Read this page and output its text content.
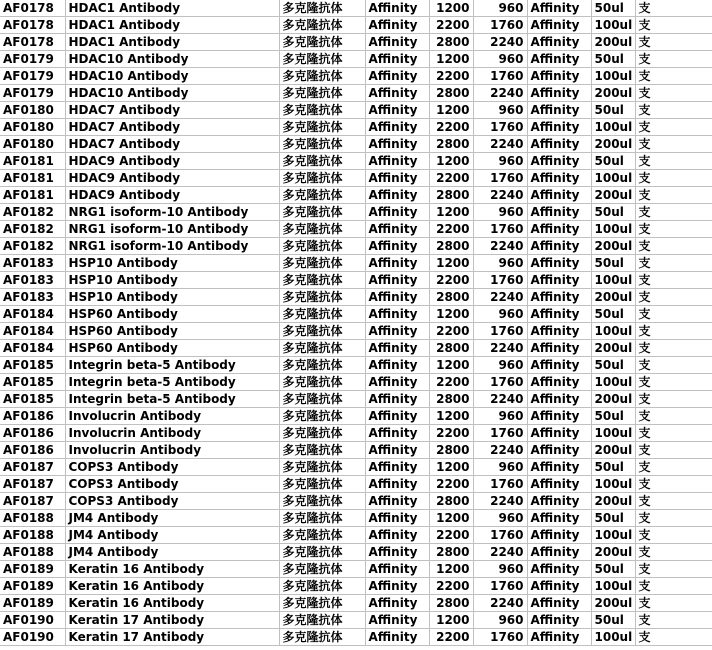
AF0178	HDAC1 Antibody	多克隆抗体	Affinity	1200	960	Affinity	50ul	支
AF0178	HDAC1 Antibody	多克隆抗体	Affinity	2200	1760	Affinity	100ul	支
AF0178	HDAC1 Antibody	多克隆抗体	Affinity	2800	2240	Affinity	200ul	支
AF0179	HDAC10 Antibody	多克隆抗体	Affinity	1200	960	Affinity	50ul	支
AF0179	HDAC10 Antibody	多克隆抗体	Affinity	2200	1760	Affinity	100ul	支
AF0179	HDAC10 Antibody	多克隆抗体	Affinity	2800	2240	Affinity	200ul	支
AF0180	HDAC7 Antibody	多克隆抗体	Affinity	1200	960	Affinity	50ul	支
AF0180	HDAC7 Antibody	多克隆抗体	Affinity	2200	1760	Affinity	100ul	支
AF0180	HDAC7 Antibody	多克隆抗体	Affinity	2800	2240	Affinity	200ul	支
AF0181	HDAC9 Antibody	多克隆抗体	Affinity	1200	960	Affinity	50ul	支
AF0181	HDAC9 Antibody	多克隆抗体	Affinity	2200	1760	Affinity	100ul	支
AF0181	HDAC9 Antibody	多克隆抗体	Affinity	2800	2240	Affinity	200ul	支
AF0182	NRG1 isoform-10 Antibody	多克隆抗体	Affinity	1200	960	Affinity	50ul	支
AF0182	NRG1 isoform-10 Antibody	多克隆抗体	Affinity	2200	1760	Affinity	100ul	支
AF0182	NRG1 isoform-10 Antibody	多克隆抗体	Affinity	2800	2240	Affinity	200ul	支
AF0183	HSP10 Antibody	多克隆抗体	Affinity	1200	960	Affinity	50ul	支
AF0183	HSP10 Antibody	多克隆抗体	Affinity	2200	1760	Affinity	100ul	支
AF0183	HSP10 Antibody	多克隆抗体	Affinity	2800	2240	Affinity	200ul	支
AF0184	HSP60 Antibody	多克隆抗体	Affinity	1200	960	Affinity	50ul	支
AF0184	HSP60 Antibody	多克隆抗体	Affinity	2200	1760	Affinity	100ul	支
AF0184	HSP60 Antibody	多克隆抗体	Affinity	2800	2240	Affinity	200ul	支
AF0185	Integrin beta-5 Antibody	多克隆抗体	Affinity	1200	960	Affinity	50ul	支
AF0185	Integrin beta-5 Antibody	多克隆抗体	Affinity	2200	1760	Affinity	100ul	支
AF0185	Integrin beta-5 Antibody	多克隆抗体	Affinity	2800	2240	Affinity	200ul	支
AF0186	Involucrin Antibody	多克隆抗体	Affinity	1200	960	Affinity	50ul	支
AF0186	Involucrin Antibody	多克隆抗体	Affinity	2200	1760	Affinity	100ul	支
AF0186	Involucrin Antibody	多克隆抗体	Affinity	2800	2240	Affinity	200ul	支
AF0187	COPS3 Antibody	多克隆抗体	Affinity	1200	960	Affinity	50ul	支
AF0187	COPS3 Antibody	多克隆抗体	Affinity	2200	1760	Affinity	100ul	支
AF0187	COPS3 Antibody	多克隆抗体	Affinity	2800	2240	Affinity	200ul	支
AF0188	JM4 Antibody	多克隆抗体	Affinity	1200	960	Affinity	50ul	支
AF0188	JM4 Antibody	多克隆抗体	Affinity	2200	1760	Affinity	100ul	支
AF0188	JM4 Antibody	多克隆抗体	Affinity	2800	2240	Affinity	200ul	支
AF0189	Keratin 16 Antibody	多克隆抗体	Affinity	1200	960	Affinity	50ul	支
AF0189	Keratin 16 Antibody	多克隆抗体	Affinity	2200	1760	Affinity	100ul	支
AF0189	Keratin 16 Antibody	多克隆抗体	Affinity	2800	2240	Affinity	200ul	支
AF0190	Keratin 17 Antibody	多克隆抗体	Affinity	1200	960	Affinity	50ul	支
AF0190	Keratin 17 Antibody	多克隆抗体	Affinity	2200	1760	Affinity	100ul	支
